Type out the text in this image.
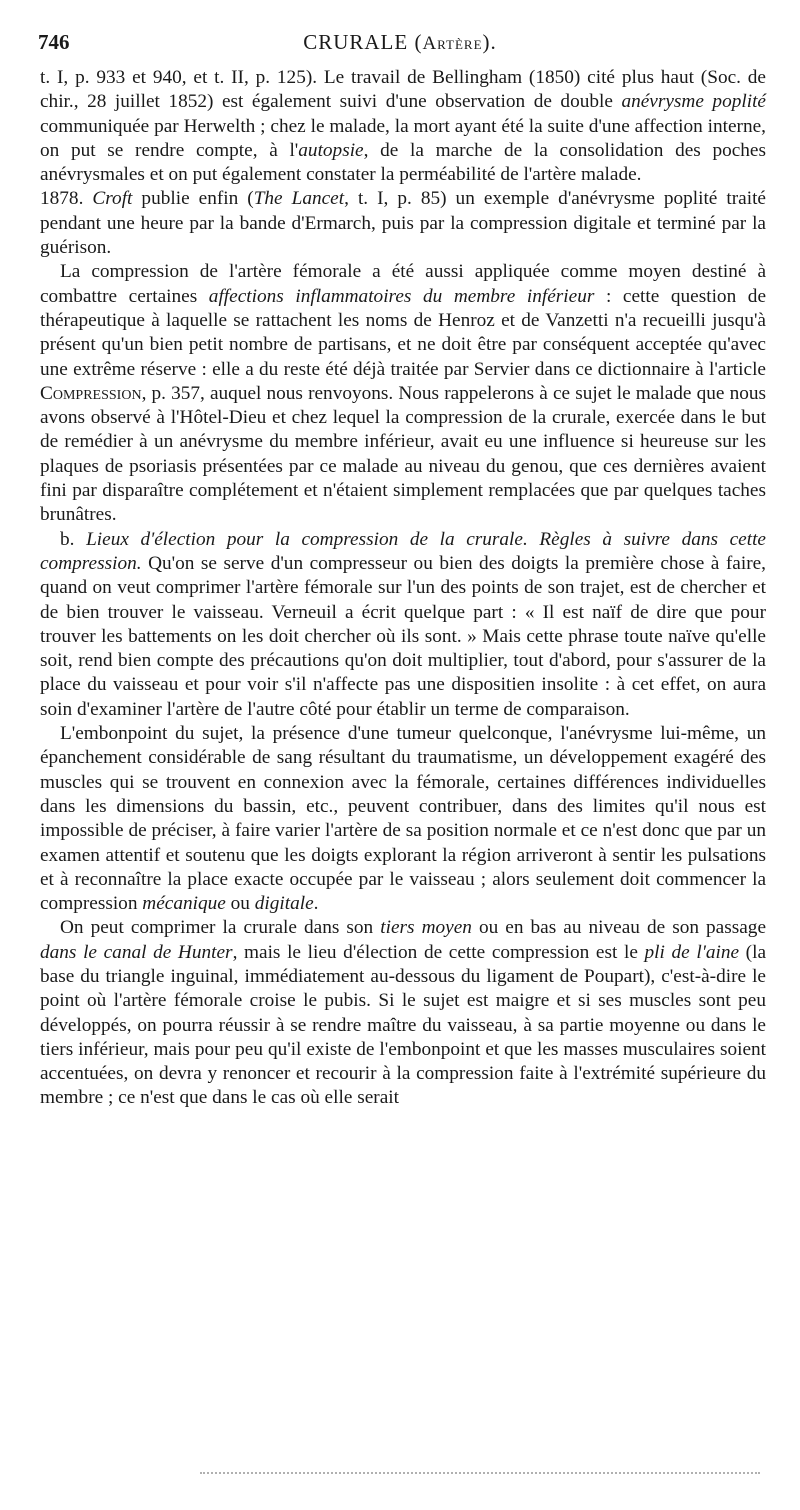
746	CRURALE (Artère).

t. I, p. 933 et 940, et t. II, p. 125). Le travail de Bellingham (1850) cité plus haut (Soc. de chir., 28 juillet 1852) est également suivi d'une observation de double anévrysme poplité communiquée par Herwelth ; chez le malade, la mort ayant été la suite d'une affection interne, on put se rendre compte, à l'autopsie, de la marche de la consolidation des poches anévrysmales et on put également constater la perméabilité de l'artère malade.

1878. Croft publie enfin (The Lancet, t. I, p. 85) un exemple d'anévrysme poplité traité pendant une heure par la bande d'Ermarch, puis par la compression digitale et terminé par la guérison.

La compression de l'artère fémorale a été aussi appliquée comme moyen destiné à combattre certaines affections inflammatoires du membre inférieur : cette question de thérapeutique à laquelle se rattachent les noms de Henroz et de Vanzetti n'a recueilli jusqu'à présent qu'un bien petit nombre de partisans, et ne doit être par conséquent acceptée qu'avec une extrême réserve : elle a du reste été déjà traitée par Servier dans ce dictionnaire à l'article Compression, p. 357, auquel nous renvoyons. Nous rappelerons à ce sujet le malade que nous avons observé à l'Hôtel-Dieu et chez lequel la compression de la crurale, exercée dans le but de remédier à un anévrysme du membre inférieur, avait eu une influence si heureuse sur les plaques de psoriasis présentées par ce malade au niveau du genou, que ces dernières avaient fini par disparaître complétement et n'étaient simplement remplacées que par quelques taches brunâtres.

b. Lieux d'élection pour la compression de la crurale. Règles à suivre dans cette compression. Qu'on se serve d'un compresseur ou bien des doigts la première chose à faire, quand on veut comprimer l'artère fémorale sur l'un des points de son trajet, est de chercher et de bien trouver le vaisseau. Verneuil a écrit quelque part : « Il est naïf de dire que pour trouver les battements on les doit chercher où ils sont. » Mais cette phrase toute naïve qu'elle soit, rend bien compte des précautions qu'on doit multiplier, tout d'abord, pour s'assurer de la place du vaisseau et pour voir s'il n'affecte pas une dispositien insolite : à cet effet, on aura soin d'examiner l'artère de l'autre côté pour établir un terme de comparaison.

L'embonpoint du sujet, la présence d'une tumeur quelconque, l'anévrysme lui-même, un épanchement considérable de sang résultant du traumatisme, un développement exagéré des muscles qui se trouvent en connexion avec la fémorale, certaines différences individuelles dans les dimensions du bassin, etc., peuvent contribuer, dans des limites qu'il nous est impossible de préciser, à faire varier l'artère de sa position normale et ce n'est donc que par un examen attentif et soutenu que les doigts explorant la région arriveront à sentir les pulsations et à reconnaître la place exacte occupée par le vaisseau ; alors seulement doit commencer la compression mécanique ou digitale.

On peut comprimer la crurale dans son tiers moyen ou en bas au niveau de son passage dans le canal de Hunter, mais le lieu d'élection de cette compression est le pli de l'aine (la base du triangle inguinal, immédiatement au-dessous du ligament de Poupart), c'est-à-dire le point où l'artère fémorale croise le pubis. Si le sujet est maigre et si ses muscles sont peu développés, on pourra réussir à se rendre maître du vaisseau, à sa partie moyenne ou dans le tiers inférieur, mais pour peu qu'il existe de l'embonpoint et que les masses musculaires soient accentuées, on devra y renoncer et recourir à la compression faite à l'extrémité supérieure du membre ; ce n'est que dans le cas où elle serait
